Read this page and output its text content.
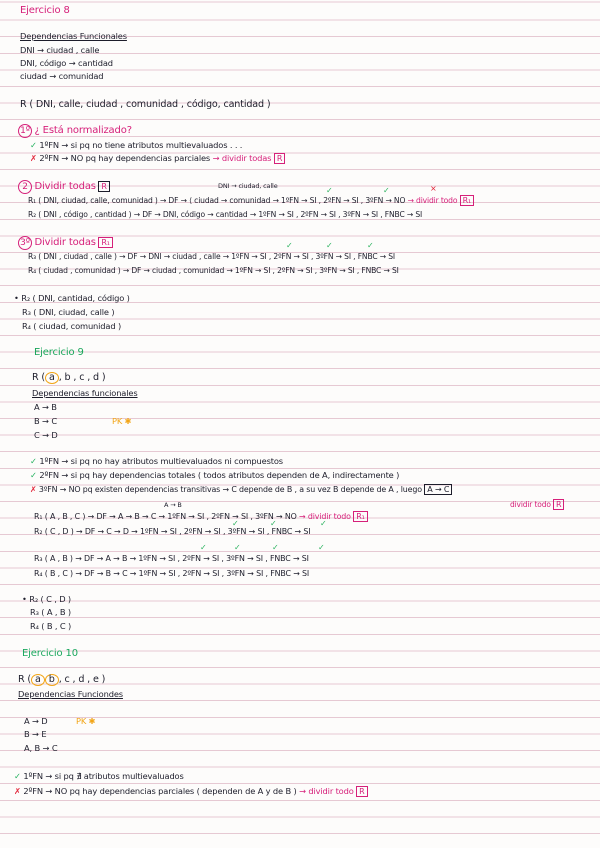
Ejercicio 8
Dependencias Funcionales
DNI → ciudad , calle
DNI, código → cantidad
ciudad → comunidad
R ( DNI, calle, ciudad , comunidad , código, cantidad )
1º ¿ Está normalizado?
✓ 1ºFN → si pq no tiene atributos multievaluados . . .
✗ 2ºFN → NO pq hay dependencias parciales → dividir todas R
2 Dividir todas R	DNI → ciudad, calle	✓	✓	×
R₁ ( DNI, ciudad, calle, comunidad ) → DF → ⟨ ciudad → comunidad → 1ºFN → SI , 2ºFN → SI , 3ºFN → NO → dividir todo R₁
R₂ ( DNI , código , cantidad ) → DF → DNI, código → cantidad → 1ºFN → SI , 2ºFN → SI , 3ºFN → SI , FNBC → SI
3º Dividir todas R₁	✓	✓	✓
R₃ ( DNI , ciudad , calle ) → DF → DNI → ciudad , calle → 1ºFN → SI , 2ºFN → SI , 3ºFN → SI , FNBC → SI
R₄ ( ciudad , comunidad ) → DF → ciudad , comunidad → 1ºFN → SI , 2ºFN → SI , 3ºFN → SI , FNBC → SI
• R₂ ( DNI, cantidad, código )
R₃ ( DNI, ciudad, calle )
R₄ ( ciudad, comunidad )
Ejercicio 9
R ( a , b , c , d )
Dependencias funcionales
A → B
B → C
C → D
PK ✱
✓ 1ºFN → si pq no hay atributos multievaluados ni compuestos
✓ 2ºFN → si pq hay dependencias totales ( todos atributos dependen de A, indirectamente )
✗ 3ºFN → NO pq existen dependencias transitivas → C depende de B , a su vez B depende de A , luego A → C
dividir todo R
A → B
R₁ ( A , B , C ) → DF → A → B → C → 1ºFN → SI , 2ºFN → SI , 3ºFN → NO → dividir todo R₁
✓	✓	✓
R₂ ( C , D ) → DF → C → D → 1ºFN → SI , 2ºFN → SI , 3ºFN → SI , FNBC → SI
✓	✓	✓	✓
R₃ ( A , B ) → DF → A → B → 1ºFN → SI , 2ºFN → SI , 3ºFN → SI , FNBC → SI
R₄ ( B , C ) → DF → B → C → 1ºFN → SI , 2ºFN → SI , 3ºFN → SI , FNBC → SI
• R₂ ( C , D )
R₃ ( A , B )
R₄ ( B , C )
Ejercicio 10
R ( a b , c , d , e )
Dependencias Funciondes
A → D
B → E
A, B → C
PK ✱
✓ 1ºFN → si pq ∄ atributos multievaluados
✗ 2ºFN → NO pq hay dependencias parciales ( dependen de A y de B ) → dividir todo R
